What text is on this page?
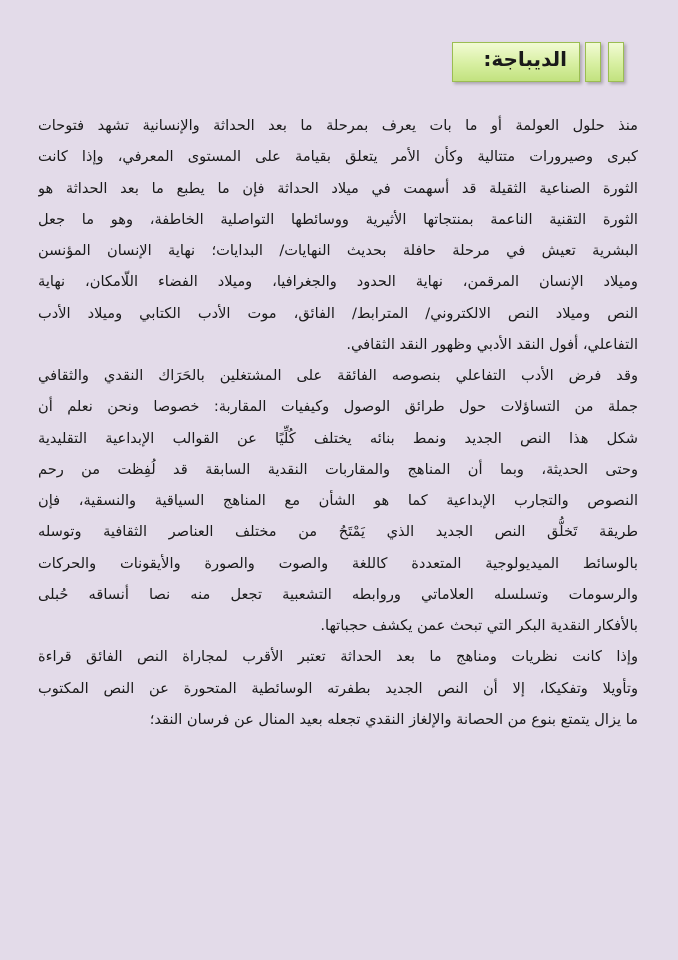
الديباجة:
منذ حلول العولمة أو ما بات يعرف بمرحلة ما بعد الحداثة والإنسانية تشهد فتوحات
كبرى وصيرورات متتالية وكأن الأمر يتعلق بقيامة على المستوى المعرفي، وإذا كانت
الثورة الصناعية الثقيلة قد أسهمت في ميلاد الحداثة فإن ما يطبع ما بعد الحداثة هو
الثورة التقنية الناعمة بمنتجاتها الأثيرية ووسائطها التواصلية الخاطفة، وهو ما جعل
البشرية تعيش في مرحلة حافلة بحديث النهايات/ البدايات؛ نهاية الإنسان المؤنسن
وميلاد الإنسان المرقمن، نهاية الحدود والجغرافيا، وميلاد الفضاء اللّامكان، نهاية
النص وميلاد النص الالكتروني/ المترابط/ الفائق، موت الأدب الكتابي وميلاد الأدب
التفاعلي، أفول النقد الأدبي وظهور النقد الثقافي.
وقد فرض الأدب التفاعلي بنصوصه الفائقة على المشتغلين بالحَرَاك النقدي والثقافي
جملة من التساؤلات حول طرائق الوصول وكيفيات المقاربة: خصوصا ونحن نعلم أن
شكل هذا النص الجديد ونمط بنائه يختلف كُلِّيًا عن القوالب الإبداعية التقليدية
وحتى الحديثة، وبما أن المناهج والمقاربات النقدية السابقة قد لُفِظت من رحم
النصوص والتجارب الإبداعية كما هو الشأن مع المناهج السياقية والنسقية، فإن
طريقة تَخلُّق النص الجديد الذي يَمْتَحُ من مختلف العناصر الثقافية وتوسله
بالوسائط الميديولوجية المتعددة كاللغة والصوت والصورة والأيقونات والحركات
والرسومات وتسلسله العلاماتي وروابطه التشعبية تجعل منه نصا أنساقه حُبلى
بالأفكار النقدية البكر التي تبحث عمن يكشف حجباتها.
وإذا كانت نظريات ومناهج ما بعد الحداثة تعتبر الأقرب لمجاراة النص الفائق قراءة
وتأويلا وتفكيكا، إلا أن النص الجديد بطفرته الوسائطية المتحورة عن النص المكتوب
ما يزال يتمتع بنوع من الحصانة والإلغاز النقدي تجعله بعيد المنال عن فرسان النقد؛
